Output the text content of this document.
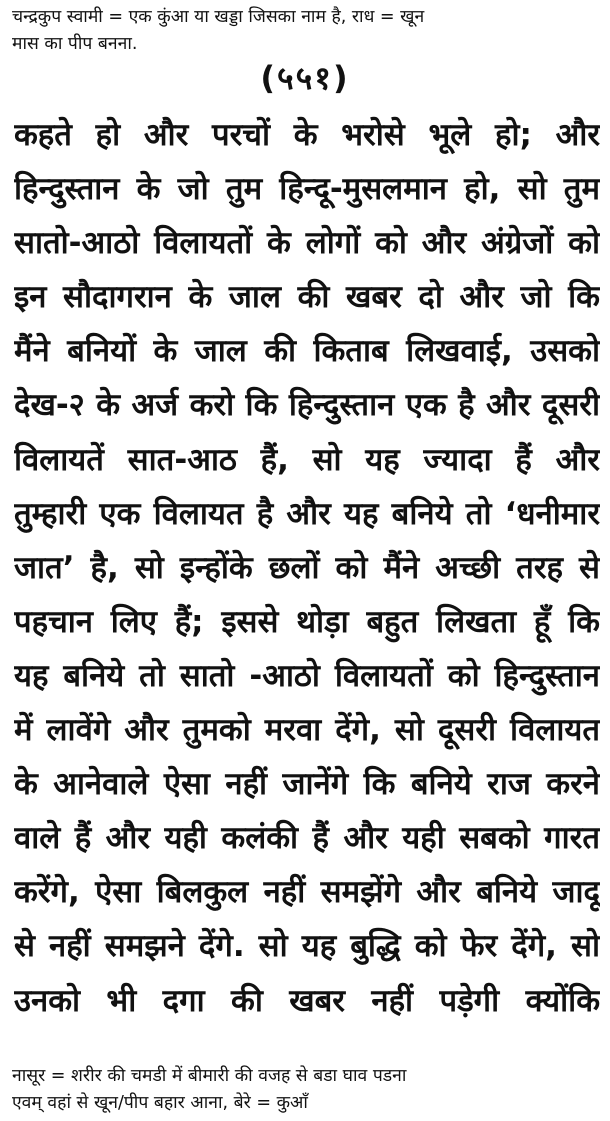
चन्द्रकुप स्वामी = एक कुंआ या खड्डा जिसका नाम है, राध = खून
मास का पीप बनना.
(५५१)
कहते हो और परचों के भरोसे भूले हो; और
हिन्दुस्तान के जो तुम हिन्दू-मुसलमान हो, सो तुम
सातो-आठो विलायतों के लोगों को और अंग्रेजों को
इन सौदागरान के जाल की खबर दो और जो कि
मैंने बनियों के जाल की किताब लिखवाई, उसको
देख-२ के अर्ज करो कि हिन्दुस्तान एक है और दूसरी
विलायतें सात-आठ हैं, सो यह ज्यादा हैं और
तुम्हारी एक विलायत है और यह बनिये तो ‘धनीमार
जात’ है, सो इन्होंके छलों को मैंने अच्छी तरह से
पहचान लिए हैं; इससे थोड़ा बहुत लिखता हूँ कि
यह बनिये तो सातो -आठो विलायतों को हिन्दुस्तान
में लावेंगे और तुमको मरवा देंगे, सो दूसरी विलायत
के आनेवाले ऐसा नहीं जानेंगे कि बनिये राज करने
वाले हैं और यही कलंकी हैं और यही सबको गारत
करेंगे, ऐसा बिलकुल नहीं समझेंगे और बनिये जादू
से नहीं समझने देंगे. सो यह बुद्धि को फेर देंगे, सो
उनको भी दगा की खबर नहीं पड़ेगी क्योंकि
नासूर = शरीर की चमडी में बीमारी की वजह से बडा घाव पडना
एवम् वहां से खून/पीप बहार आना, बेरे = कुआँ
